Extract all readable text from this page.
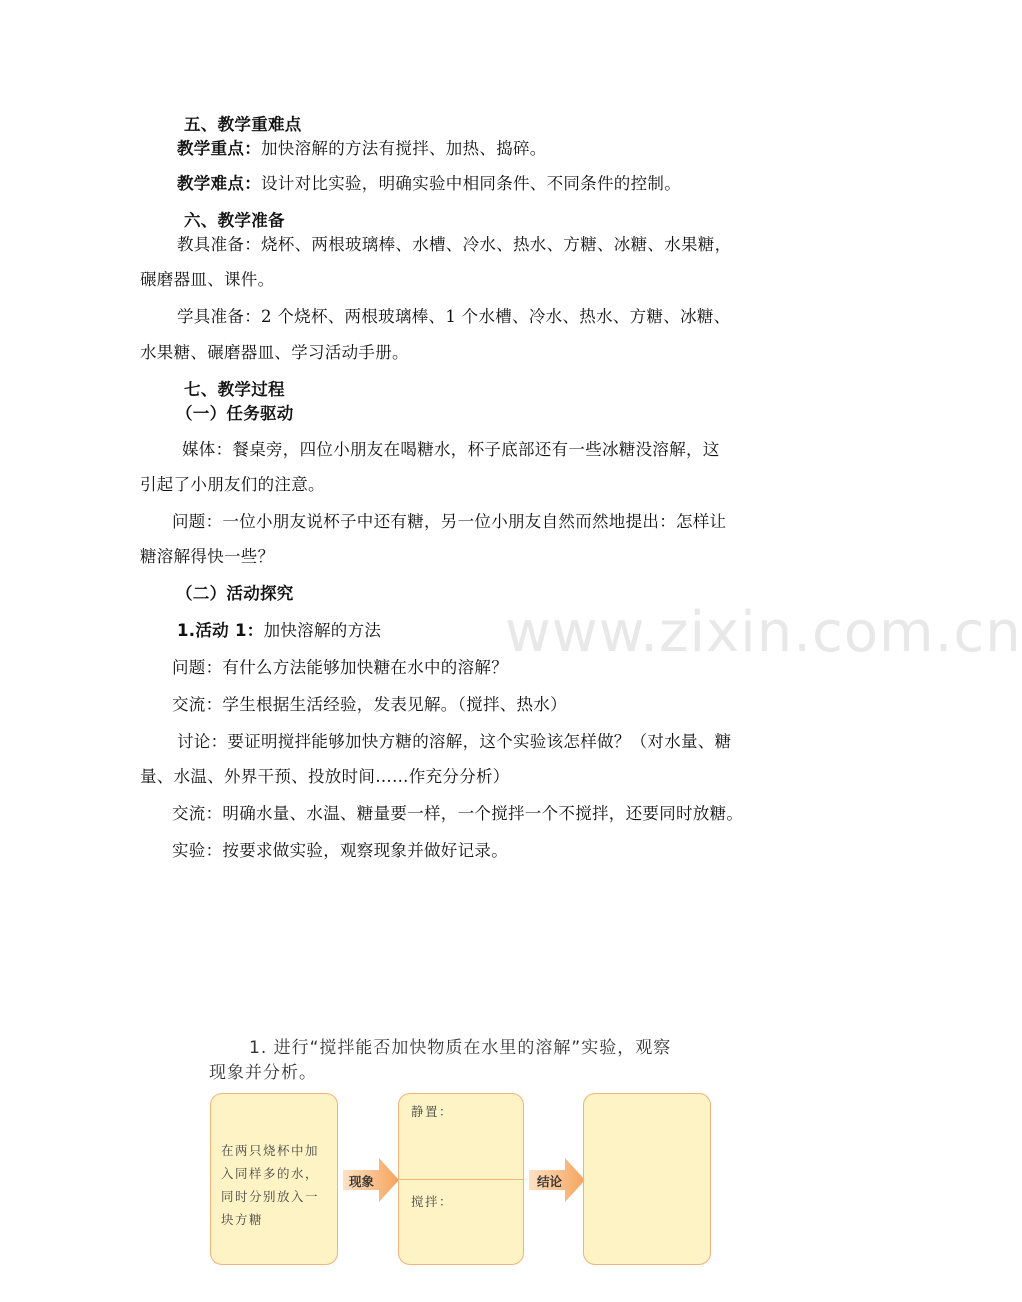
www.zixin.com.cn
五、教学重难点
教学重点：加快溶解的方法有搅拌、加热、捣碎。
教学难点：设计对比实验，明确实验中相同条件、不同条件的控制。
六、教学准备
教具准备：烧杯、两根玻璃棒、水槽、冷水、热水、方糖、冰糖、水果糖，
碾磨器皿、课件。
学具准备：2 个烧杯、两根玻璃棒、1 个水槽、冷水、热水、方糖、冰糖、
水果糖、碾磨器皿、学习活动手册。
七、教学过程
（一）任务驱动
媒体：餐桌旁，四位小朋友在喝糖水，杯子底部还有一些冰糖没溶解，这
引起了小朋友们的注意。
问题：一位小朋友说杯子中还有糖，另一位小朋友自然而然地提出：怎样让
糖溶解得快一些？
（二）活动探究
1.活动 1：加快溶解的方法
问题：有什么方法能够加快糖在水中的溶解？
交流：学生根据生活经验，发表见解。（搅拌、热水）
讨论：要证明搅拌能够加快方糖的溶解，这个实验该怎样做？（对水量、糖
量、水温、外界干预、投放时间……作充分分析）
交流：明确水量、水温、糖量要一样，一个搅拌一个不搅拌，还要同时放糖。
实验：按要求做实验，观察现象并做好记录。
1. 进行“搅拌能否加快物质在水里的溶解”实验，观察
现象并分析。
在两只烧杯中加
入同样多的水，
同时分别放入一
块方糖
现象
静置：
搅拌：
结论
